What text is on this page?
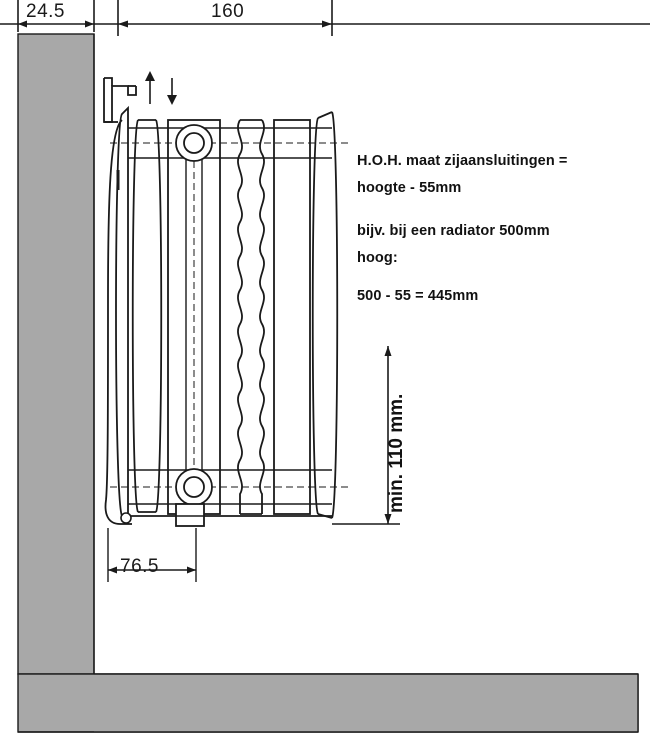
24.5	160
76.5
min. 110 mm.
H.O.H. maat zijaansluitingen =
hoogte - 55mm
bijv. bij een radiator 500mm
hoog:
500 - 55 = 445mm
